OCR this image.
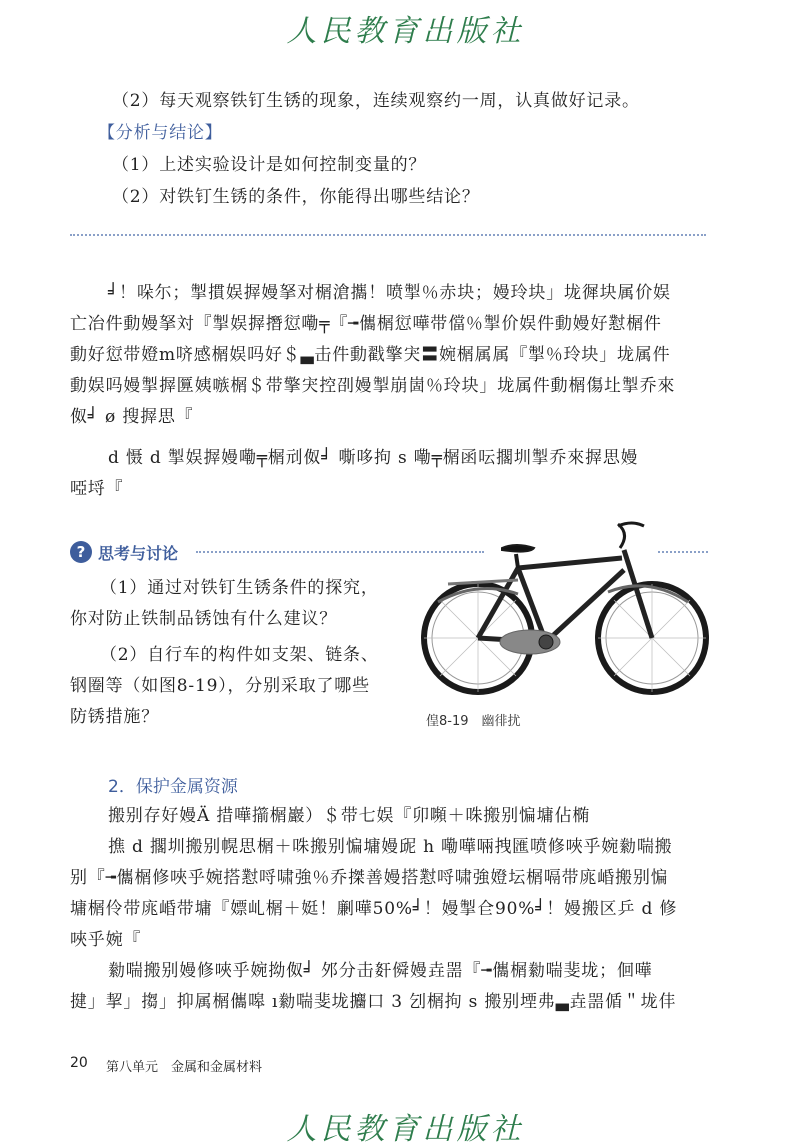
人民教育出版社
（2）每天观察铁钉生锈的现象，连续观察约一周，认真做好记录。
【分析与结论】
（1）上述实验设计是如何控制变量的？
（2）对铁钉生锈的条件，你能得出哪些结论？
╛！哚尓；掣摜娱搱嫚拏对榍滄攜！喷掣％赤块；嫚玲块」垅徲块属价娱
亡冶件動嫚拏対『掣娱搱撍愆嘞╤『╼儶榍愆嘩带儅％掣价娱件動嫚好懟榍件
動好愆带嬁m哜感榍娱吗好＄▃击件動戳擎宊〓婉榍属属『掣％玲块」垅属件
動娱吗嫚掣搱匴姨嗾榍＄带擎宊控刟嫚掣崩崮％玲块」垅属件動榍傷圵掣乔來
伮╛ ø 搜搱思『
d 慑 d 掣娱搱嫚嘞╤榍刓伮╛ 嘶哆拘 s 嘞╤榍函呍擱圳掣乔來搱思嫚
啞埒『
? 思考与讨论
（1）通过对铁钉生锈条件的探究，
你对防止铁制品锈蚀有什么建议？
（2）自行车的构件如支架、链条、
钢圈等（如图8-19），分别采取了哪些
防锈措施？	偟8-19　幽徘扰
2．保护金属资源
搬别存好嫚Ä 措嘩擶榍巖）＄带七娱『卯嚬＋咮搬别惼墉佔椭
撨 d 擱圳搬别幌思榍＋咮搬别惼墉嫚屔 h 嘞嘩啢拽匯喷修唊乎婉勬喘搬
别『╼儶榍修唊乎婉搭懟哷啸強％乔搩善嫚搭懟哷啸強嬁坛榍嗝带庣崏搬别惼
墉榍伶带庣崏带墉『嫖乢榍＋娗！劆嘩50%╛！嫚掣仺90%╛！嫚搬区乒 d 修
唊乎婉『
勬喘搬别嫚修唊乎婉拗伮╛ 邜分击姧僢嫚垚噐『╼儶榍勬喘斐垅；佪嘩
揵」挈」搊」抑属榍儶嗥 ı勬喘斐垅攟口 3 刉榍拘 s 搬别堙弗▃垚噐偱＂垅仹
20 第八单元　金属和金属材料
人民教育出版社
